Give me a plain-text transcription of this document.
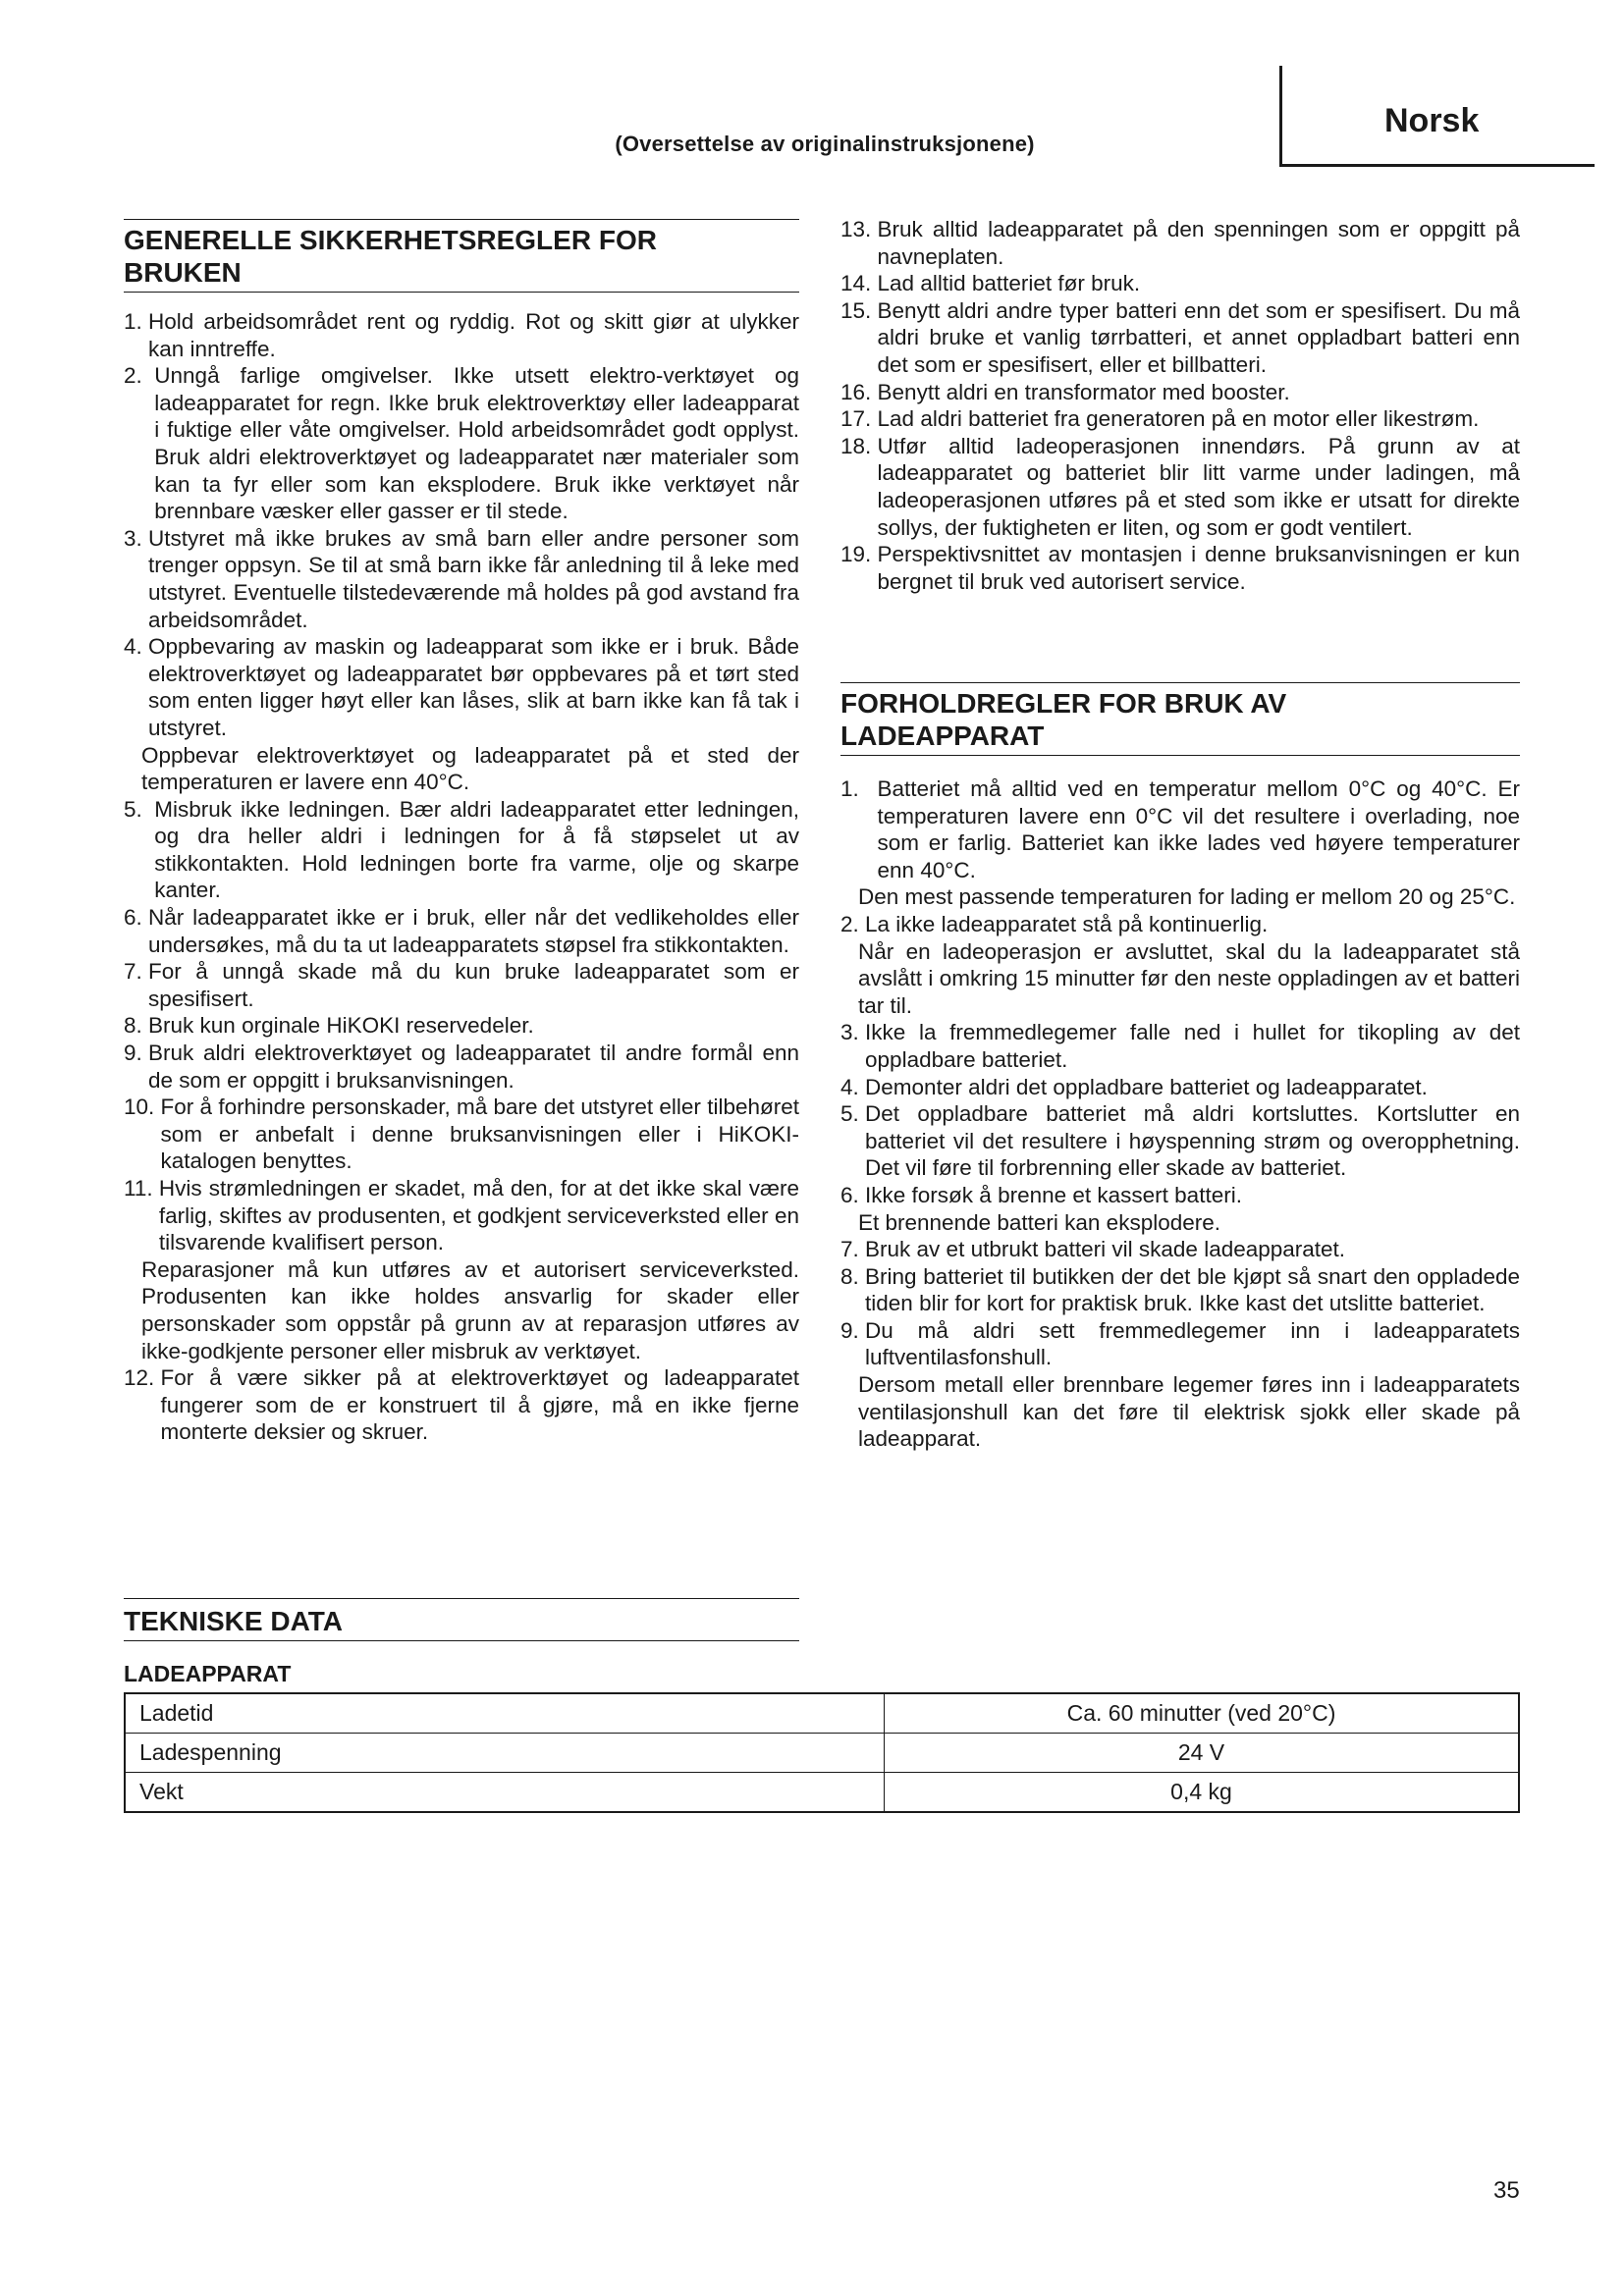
(Oversettelse av originalinstruksjonene)
Norsk
GENERELLE SIKKERHETSREGLER FOR
BRUKEN
1. Hold arbeidsområdet rent og ryddig. Rot og skitt giør at ulykker kan inntreffe.
2. Unngå farlige omgivelser. Ikke utsett elektro-verktøyet og ladeapparatet for regn. Ikke bruk elektroverktøy eller ladeapparat i fuktige eller våte omgivelser. Hold arbeidsområdet godt opplyst. Bruk aldri elektroverktøyet og ladeapparatet nær materialer som kan ta fyr eller som kan eksplodere. Bruk ikke verktøyet når brennbare væsker eller gasser er til stede.
3. Utstyret må ikke brukes av små barn eller andre personer som trenger oppsyn. Se til at små barn ikke får anledning til å leke med utstyret. Eventuelle tilstedeværende må holdes på god avstand fra arbeidsområdet.
4. Oppbevaring av maskin og ladeapparat som ikke er i bruk. Både elektroverktøyet og ladeapparatet bør oppbevares på et tørt sted som enten ligger høyt eller kan låses, slik at barn ikke kan få tak i utstyret.
Oppbevar elektroverktøyet og ladeapparatet på et sted der temperaturen er lavere enn 40°C.
5. Misbruk ikke ledningen. Bær aldri ladeapparatet etter ledningen, og dra heller aldri i ledningen for å få støpselet ut av stikkontakten. Hold ledningen borte fra varme, olje og skarpe kanter.
6. Når ladeapparatet ikke er i bruk, eller når det vedlikeholdes eller undersøkes, må du ta ut ladeapparatets støpsel fra stikkontakten.
7. For å unngå skade må du kun bruke ladeapparatet som er spesifisert.
8. Bruk kun orginale HiKOKI reservedeler.
9. Bruk aldri elektroverktøyet og ladeapparatet til andre formål enn de som er oppgitt i bruksanvisningen.
10. For å forhindre personskader, må bare det utstyret eller tilbehøret som er anbefalt i denne bruksanvisningen eller i HiKOKI-katalogen benyttes.
11. Hvis strømledningen er skadet, må den, for at det ikke skal være farlig, skiftes av produsenten, et godkjent serviceverksted eller en tilsvarende kvalifisert person.
Reparasjoner må kun utføres av et autorisert serviceverksted. Produsenten kan ikke holdes ansvarlig for skader eller personskader som oppstår på grunn av at reparasjon utføres av ikke-godkjente personer eller misbruk av verktøyet.
12. For å være sikker på at elektroverktøyet og ladeapparatet fungerer som de er konstruert til å gjøre, må en ikke fjerne monterte deksier og skruer.
13. Bruk alltid ladeapparatet på den spenningen som er oppgitt på navneplaten.
14. Lad alltid batteriet før bruk.
15. Benytt aldri andre typer batteri enn det som er spesifisert. Du må aldri bruke et vanlig tørrbatteri, et annet oppladbart batteri enn det som er spesifisert, eller et billbatteri.
16. Benytt aldri en transformator med booster.
17. Lad aldri batteriet fra generatoren på en motor eller likestrøm.
18. Utfør alltid ladeoperasjonen innendørs. På grunn av at ladeapparatet og batteriet blir litt varme under ladingen, må ladeoperasjonen utføres på et sted som ikke er utsatt for direkte sollys, der fuktigheten er liten, og som er godt ventilert.
19. Perspektivsnittet av montasjen i denne bruksanvisningen er kun bergnet til bruk ved autorisert service.
FORHOLDREGLER FOR BRUK AV
LADEAPPARAT
1. Batteriet må alltid ved en temperatur mellom 0°C og 40°C. Er temperaturen lavere enn 0°C vil det resultere i overlading, noe som er farlig. Batteriet kan ikke lades ved høyere temperaturer enn 40°C.
Den mest passende temperaturen for lading er mellom 20 og 25°C.
2. La ikke ladeapparatet stå på kontinuerlig.
Når en ladeoperasjon er avsluttet, skal du la ladeapparatet stå avslått i omkring 15 minutter før den neste oppladingen av et batteri tar til.
3. Ikke la fremmedlegemer falle ned i hullet for tikopling av det oppladbare batteriet.
4. Demonter aldri det oppladbare batteriet og ladeapparatet.
5. Det oppladbare batteriet må aldri kortsluttes. Kortslutter en batteriet vil det resultere i høyspenning strøm og overopphetning. Det vil føre til forbrenning eller skade av batteriet.
6. Ikke forsøk å brenne et kassert batteri.
Et brennende batteri kan eksplodere.
7. Bruk av et utbrukt batteri vil skade ladeapparatet.
8. Bring batteriet til butikken der det ble kjøpt så snart den oppladede tiden blir for kort for praktisk bruk. Ikke kast det utslitte batteriet.
9. Du må aldri sett fremmedlegemer inn i ladeapparatets luftventilasfonshull.
Dersom metall eller brennbare legemer føres inn i ladeapparatets ventilasjonshull kan det føre til elektrisk sjokk eller skade på ladeapparat.
TEKNISKE DATA
LADEAPPARAT
Ladetid	Ca. 60 minutter (ved 20°C)
Ladespenning	24 V
Vekt	0,4 kg
35
